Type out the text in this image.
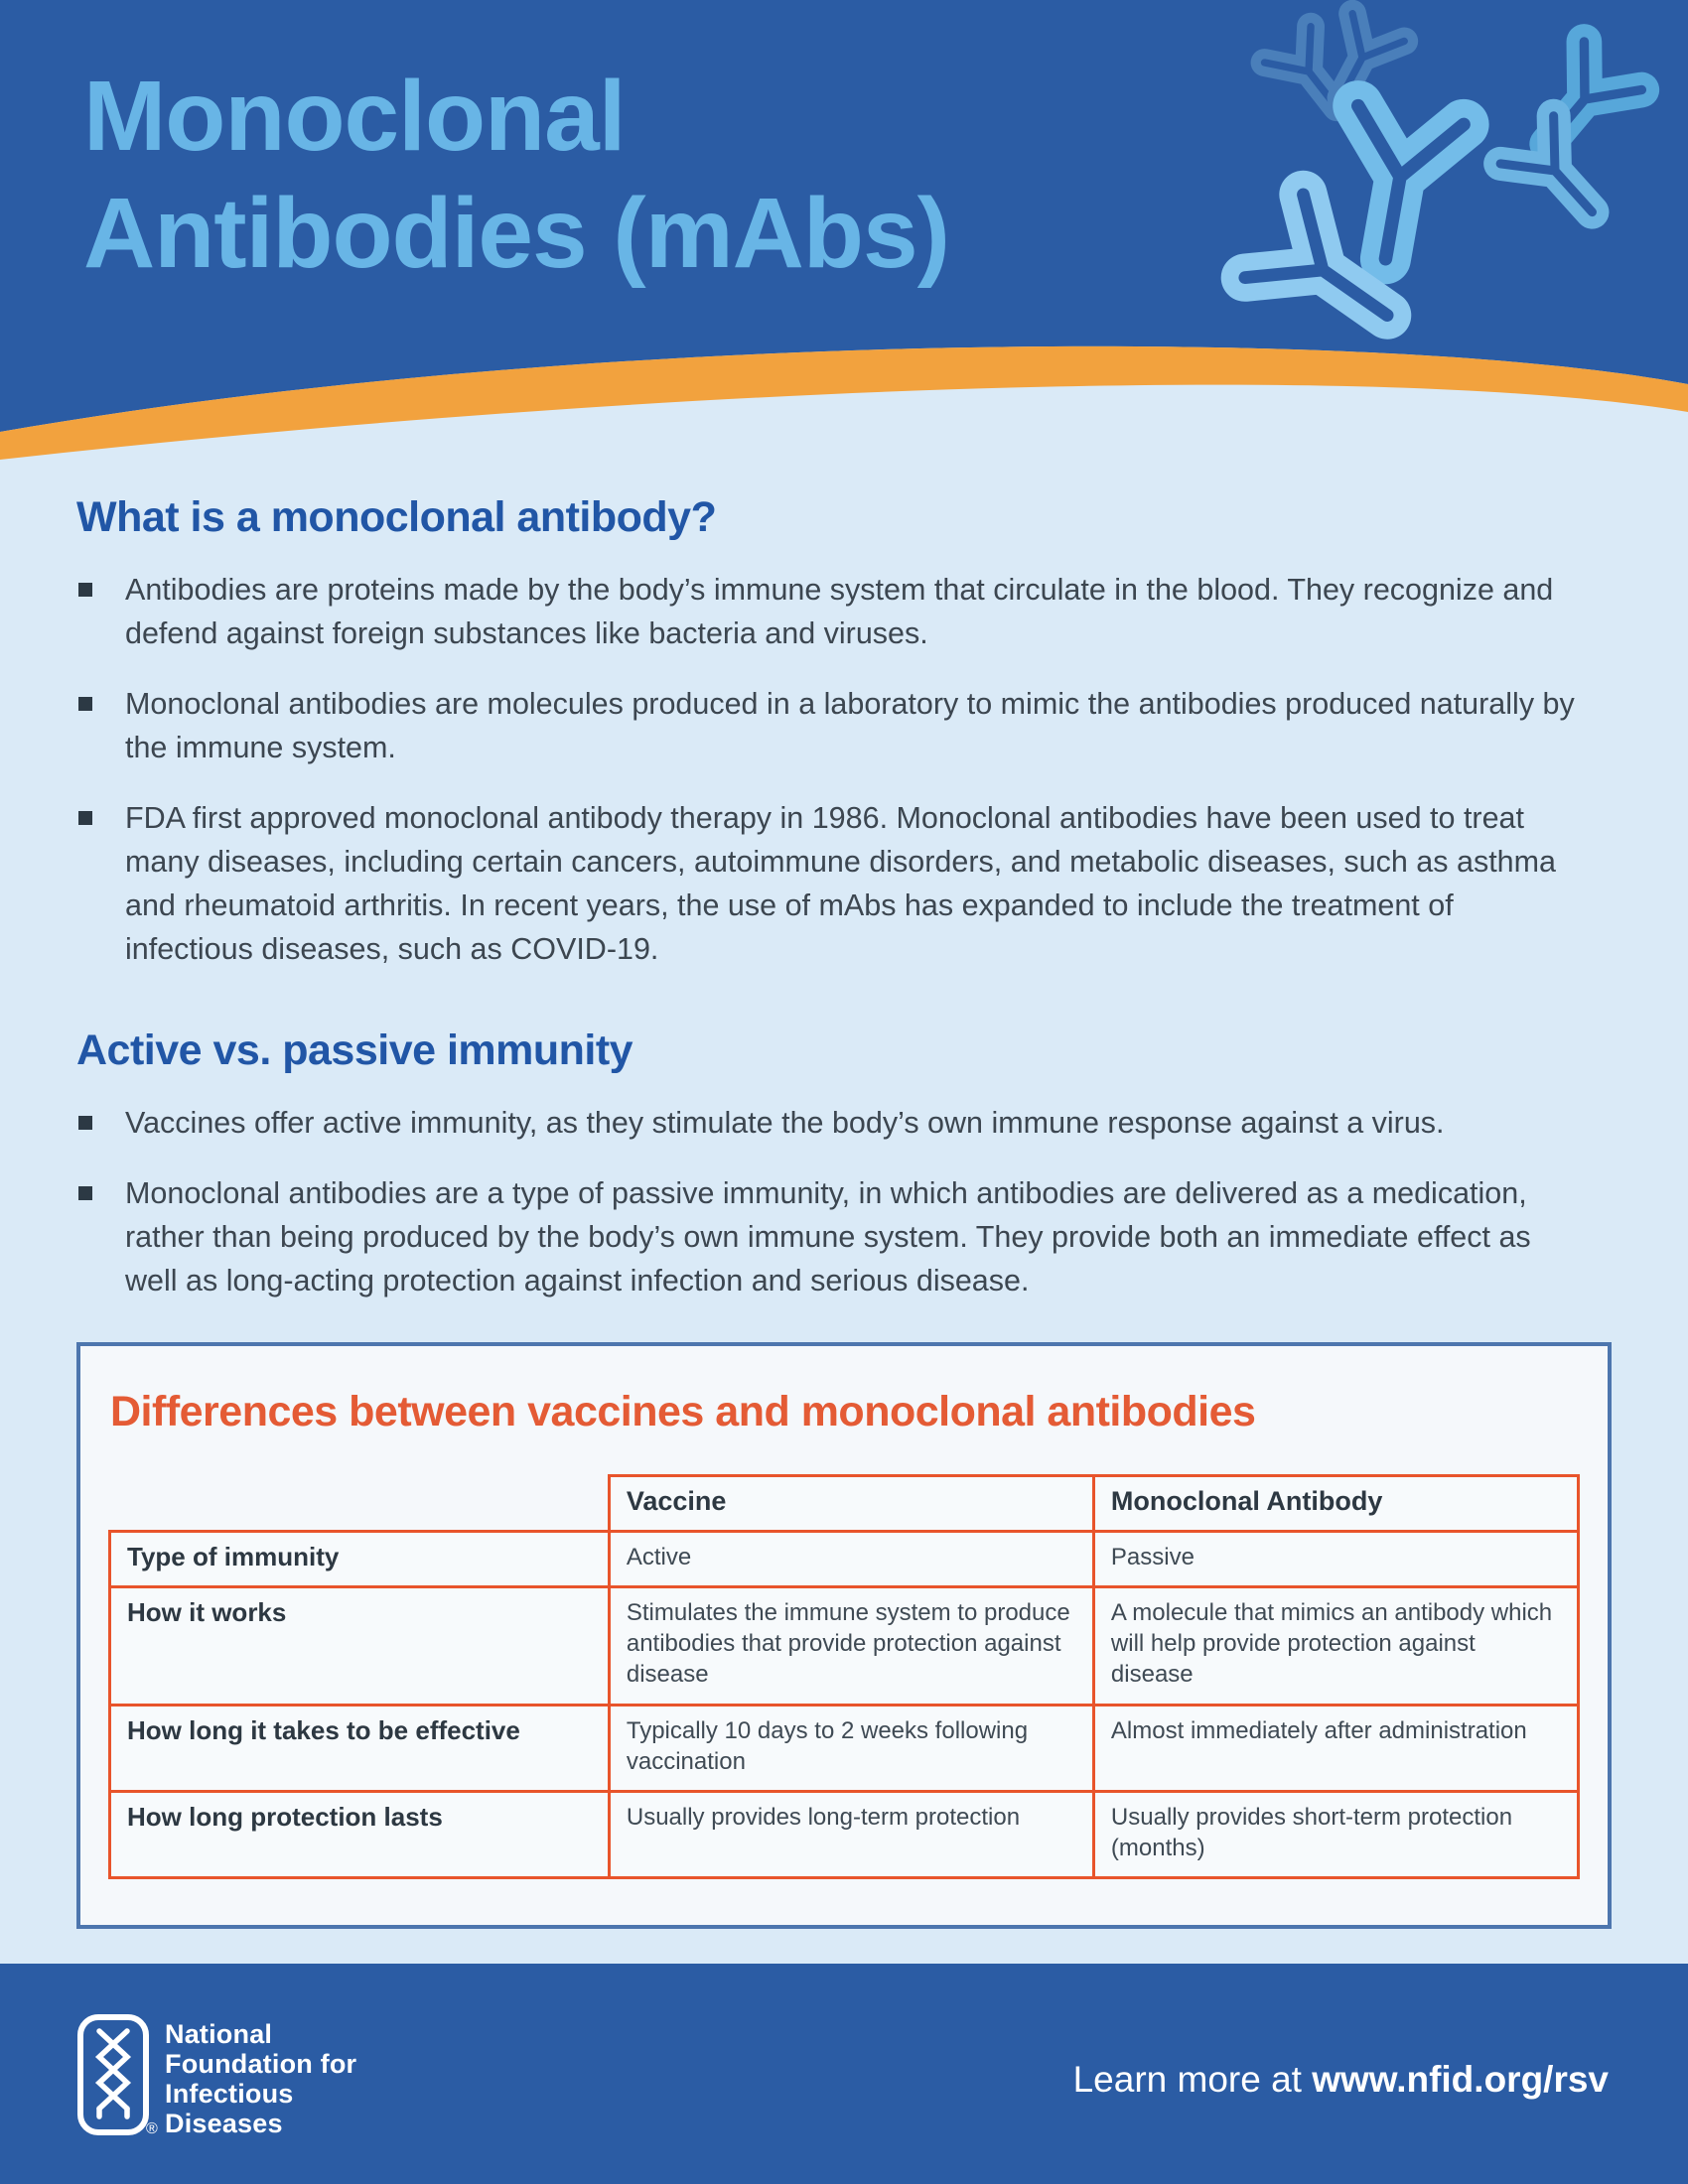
Monoclonal
Antibodies (mAbs)
What is a monoclonal antibody?
Antibodies are proteins made by the body’s immune system that circulate in the blood. They recognize and defend against foreign substances like bacteria and viruses.
Monoclonal antibodies are molecules produced in a laboratory to mimic the antibodies produced naturally by the immune system.
FDA first approved monoclonal antibody therapy in 1986. Monoclonal antibodies have been used to treat many diseases, including certain cancers, autoimmune disorders, and metabolic diseases, such as asthma and rheumatoid arthritis. In recent years, the use of mAbs has expanded to include the treatment of infectious diseases, such as COVID-19.
Active vs. passive immunity
Vaccines offer active immunity, as they stimulate the body’s own immune response against a virus.
Monoclonal antibodies are a type of passive immunity, in which antibodies are delivered as a medication, rather than being produced by the body’s own immune system. They provide both an immediate effect as well as long-acting protection against infection and serious disease.
Differences between vaccines and monoclonal antibodies
	Vaccine	Monoclonal Antibody
Type of immunity	Active	Passive
How it works	Stimulates the immune system to produce antibodies that provide protection against disease	A molecule that mimics an antibody which will help provide protection against disease
How long it takes to be effective	Typically 10 days to 2 weeks following vaccination	Almost immediately after administration
How long protection lasts	Usually provides long-term protection	Usually provides short-term protection (months)
®
National
Foundation for
Infectious
Diseases
Learn more at www.nfid.org/rsv
